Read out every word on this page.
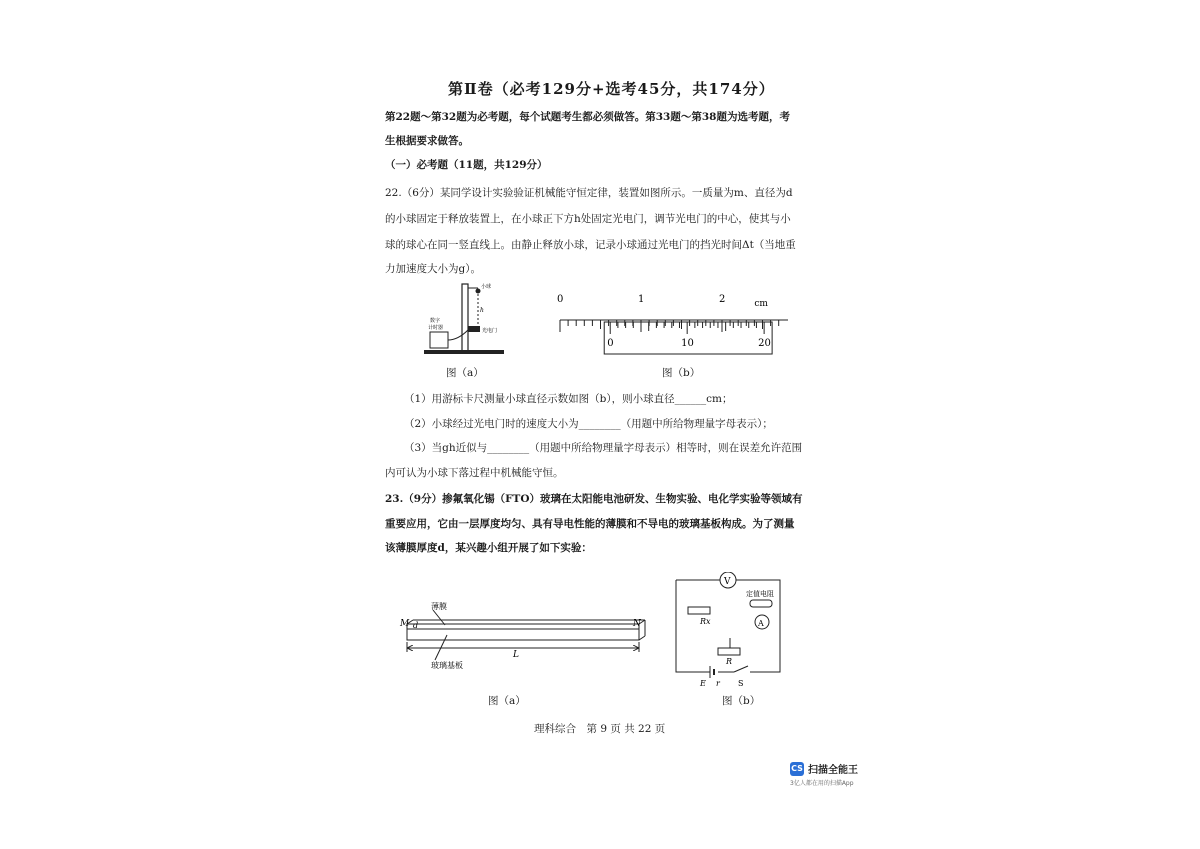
第Ⅱ卷（必考129分+选考45分，共174分）
第22题～第32题为必考题，每个试题考生都必须做答。第33题～第38题为选考题，考
生根据要求做答。
（一）必考题（11题，共129分）
22.（6分）某同学设计实验验证机械能守恒定律，装置如图所示。一质量为m、直径为d
的小球固定于释放装置上，在小球正下方h处固定光电门，调节光电门的中心，使其与小
球的球心在同一竖直线上。由静止释放小球，记录小球通过光电门的挡光时间Δt（当地重
力加速度大小为g）。
小球
h
光电门
数字
计时器
图（a）
0	1	2	cm
0	10	20
图（b）
（1）用游标卡尺测量小球直径示数如图（b），则小球直径______cm；
（2）小球经过光电门时的速度大小为________（用题中所给物理量字母表示）；
（3）当gh近似与________（用题中所给物理量字母表示）相等时，则在误差允许范围
内可认为小球下落过程中机械能守恒。
23.（9分）掺氟氧化锡（FTO）玻璃在太阳能电池研发、生物实验、电化学实验等领域有
重要应用，它由一层厚度均匀、具有导电性能的薄膜和不导电的玻璃基板构成。为了测量
该薄膜厚度d，某兴趣小组开展了如下实验：
M d	N
薄膜
玻璃基板
L
图（a）
V
Rx
定值电阻
A
R
E r S
图（b）
理科综合　第 9 页 共 22 页
CS 扫描全能王
3亿人都在用的扫描App
